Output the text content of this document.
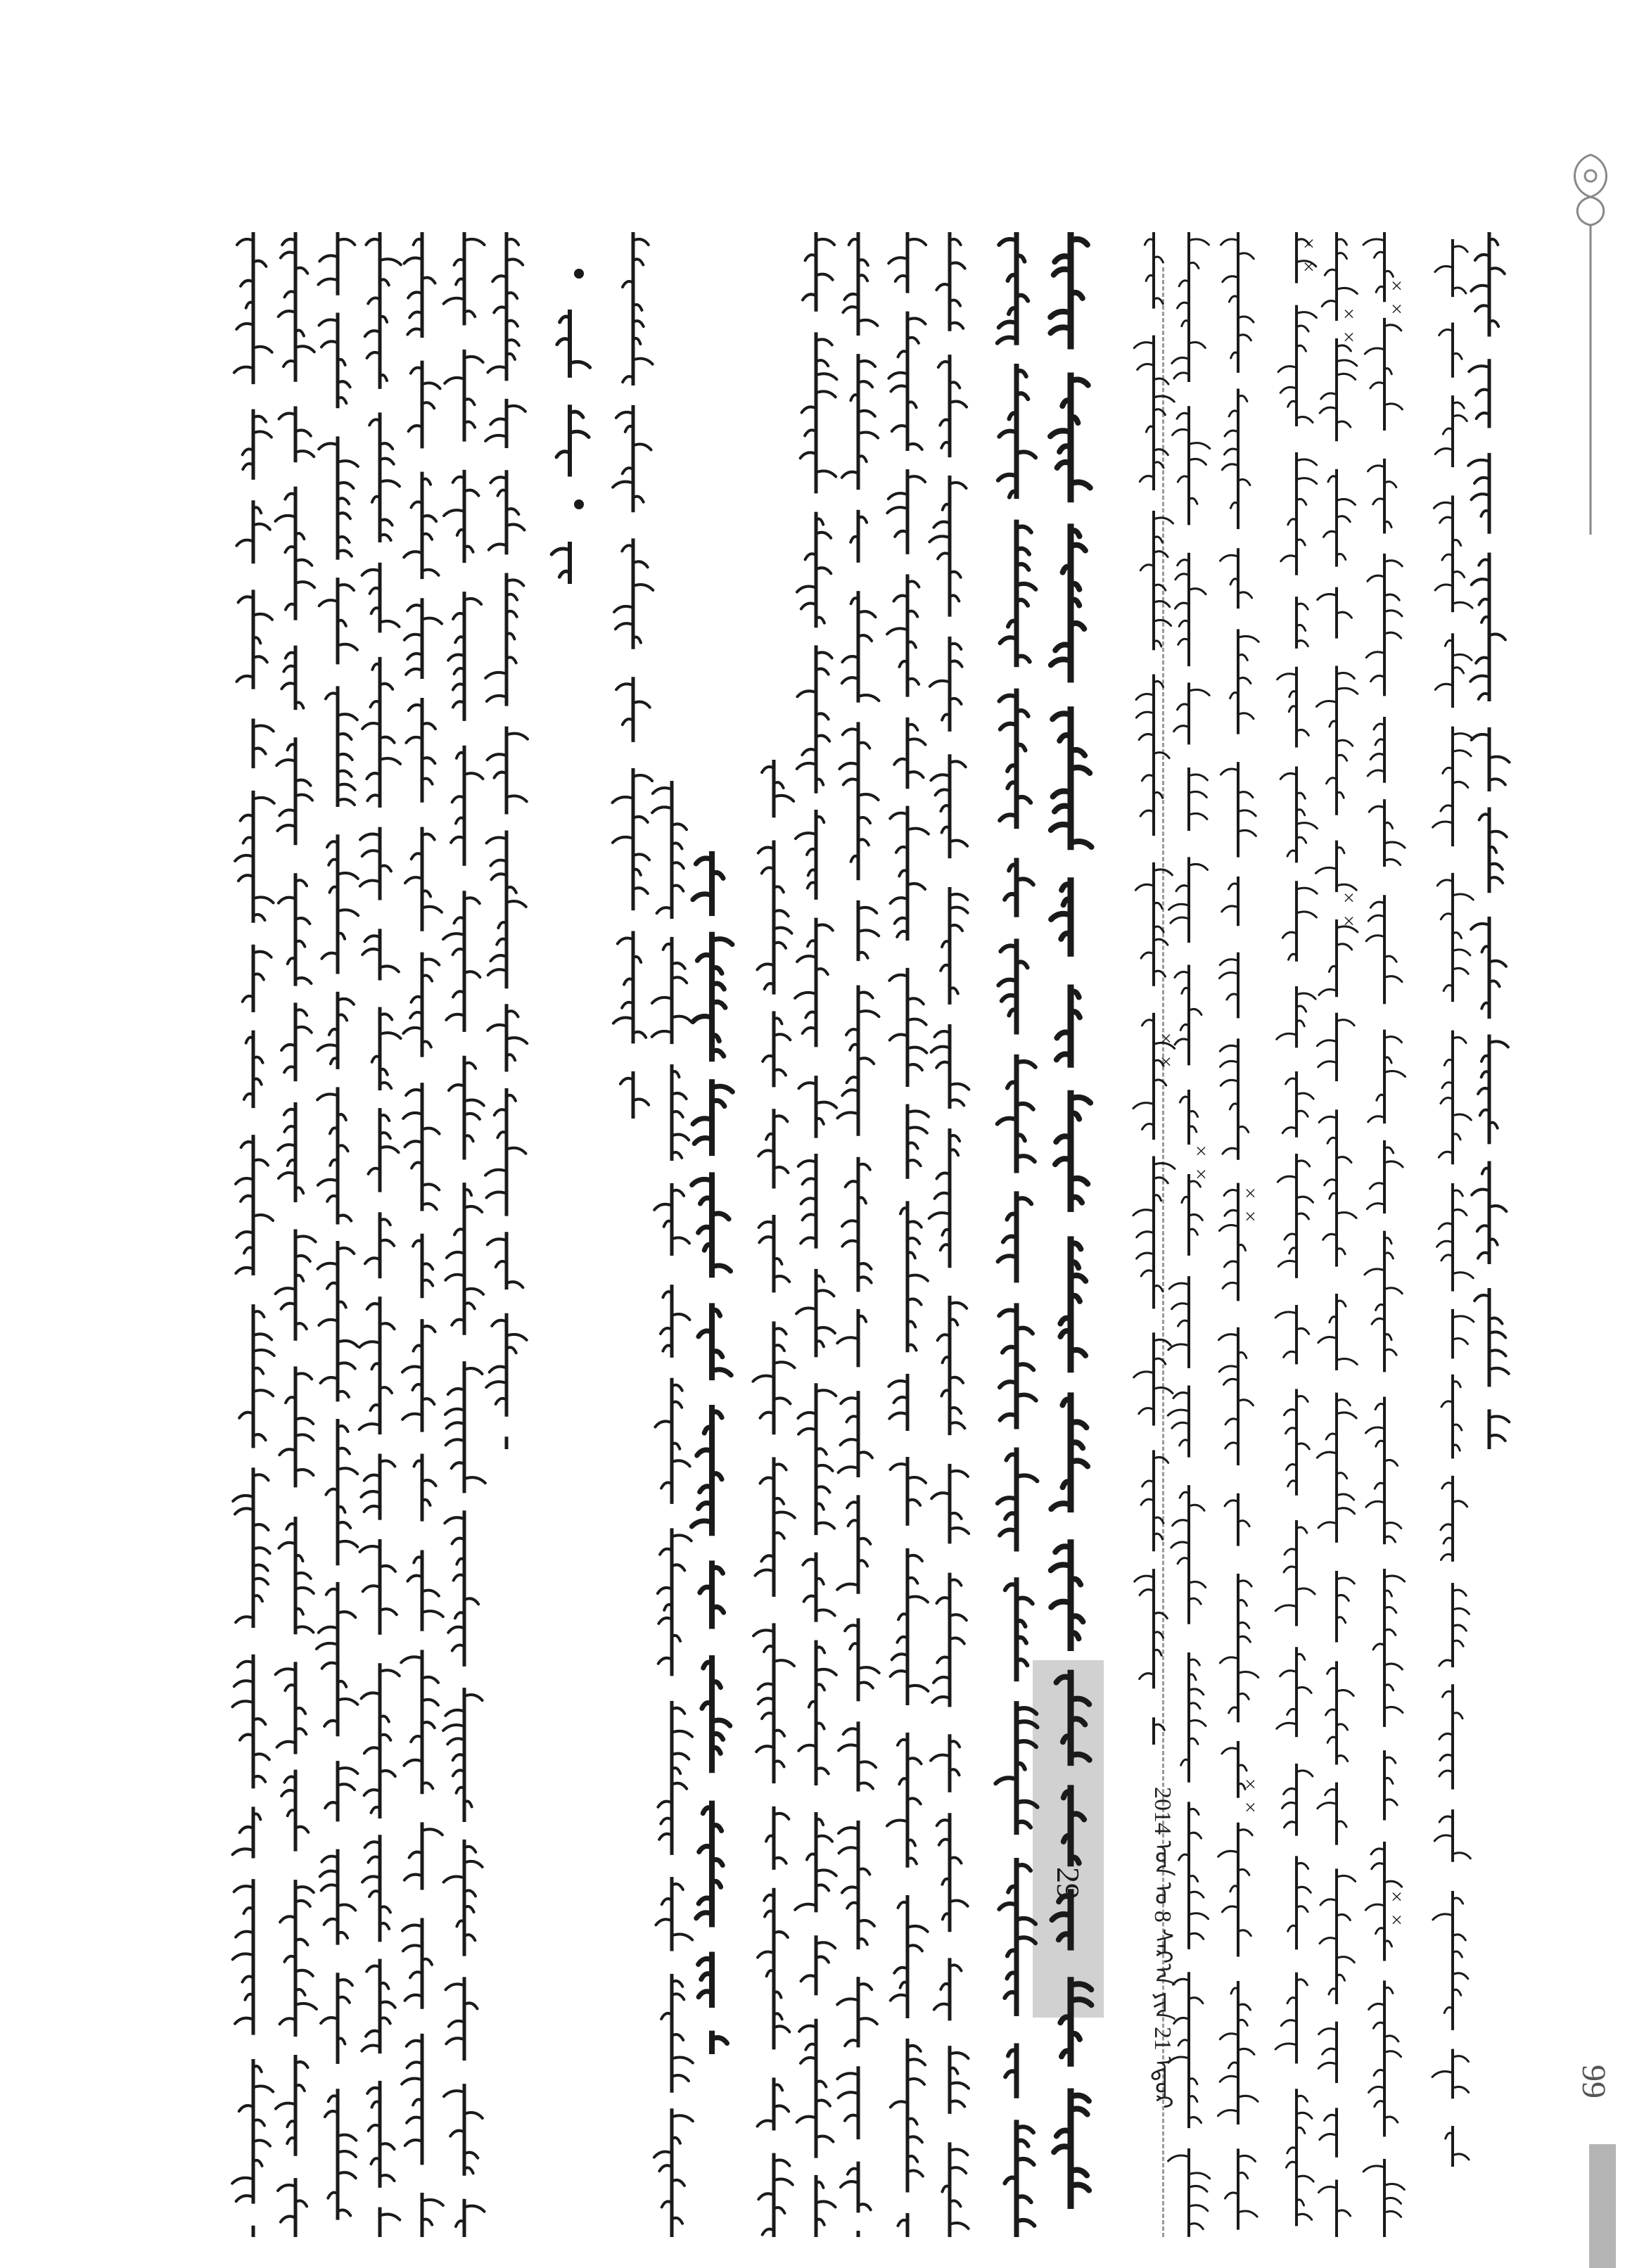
99
29	2014 ᠣᠨ ᠤ 8 ᠰᠠᠷ᠎ᠠ ᠶᠢᠨ 21 ᠡᠳᠦᠷ
××
××
××
××
××
××
××
××
××
